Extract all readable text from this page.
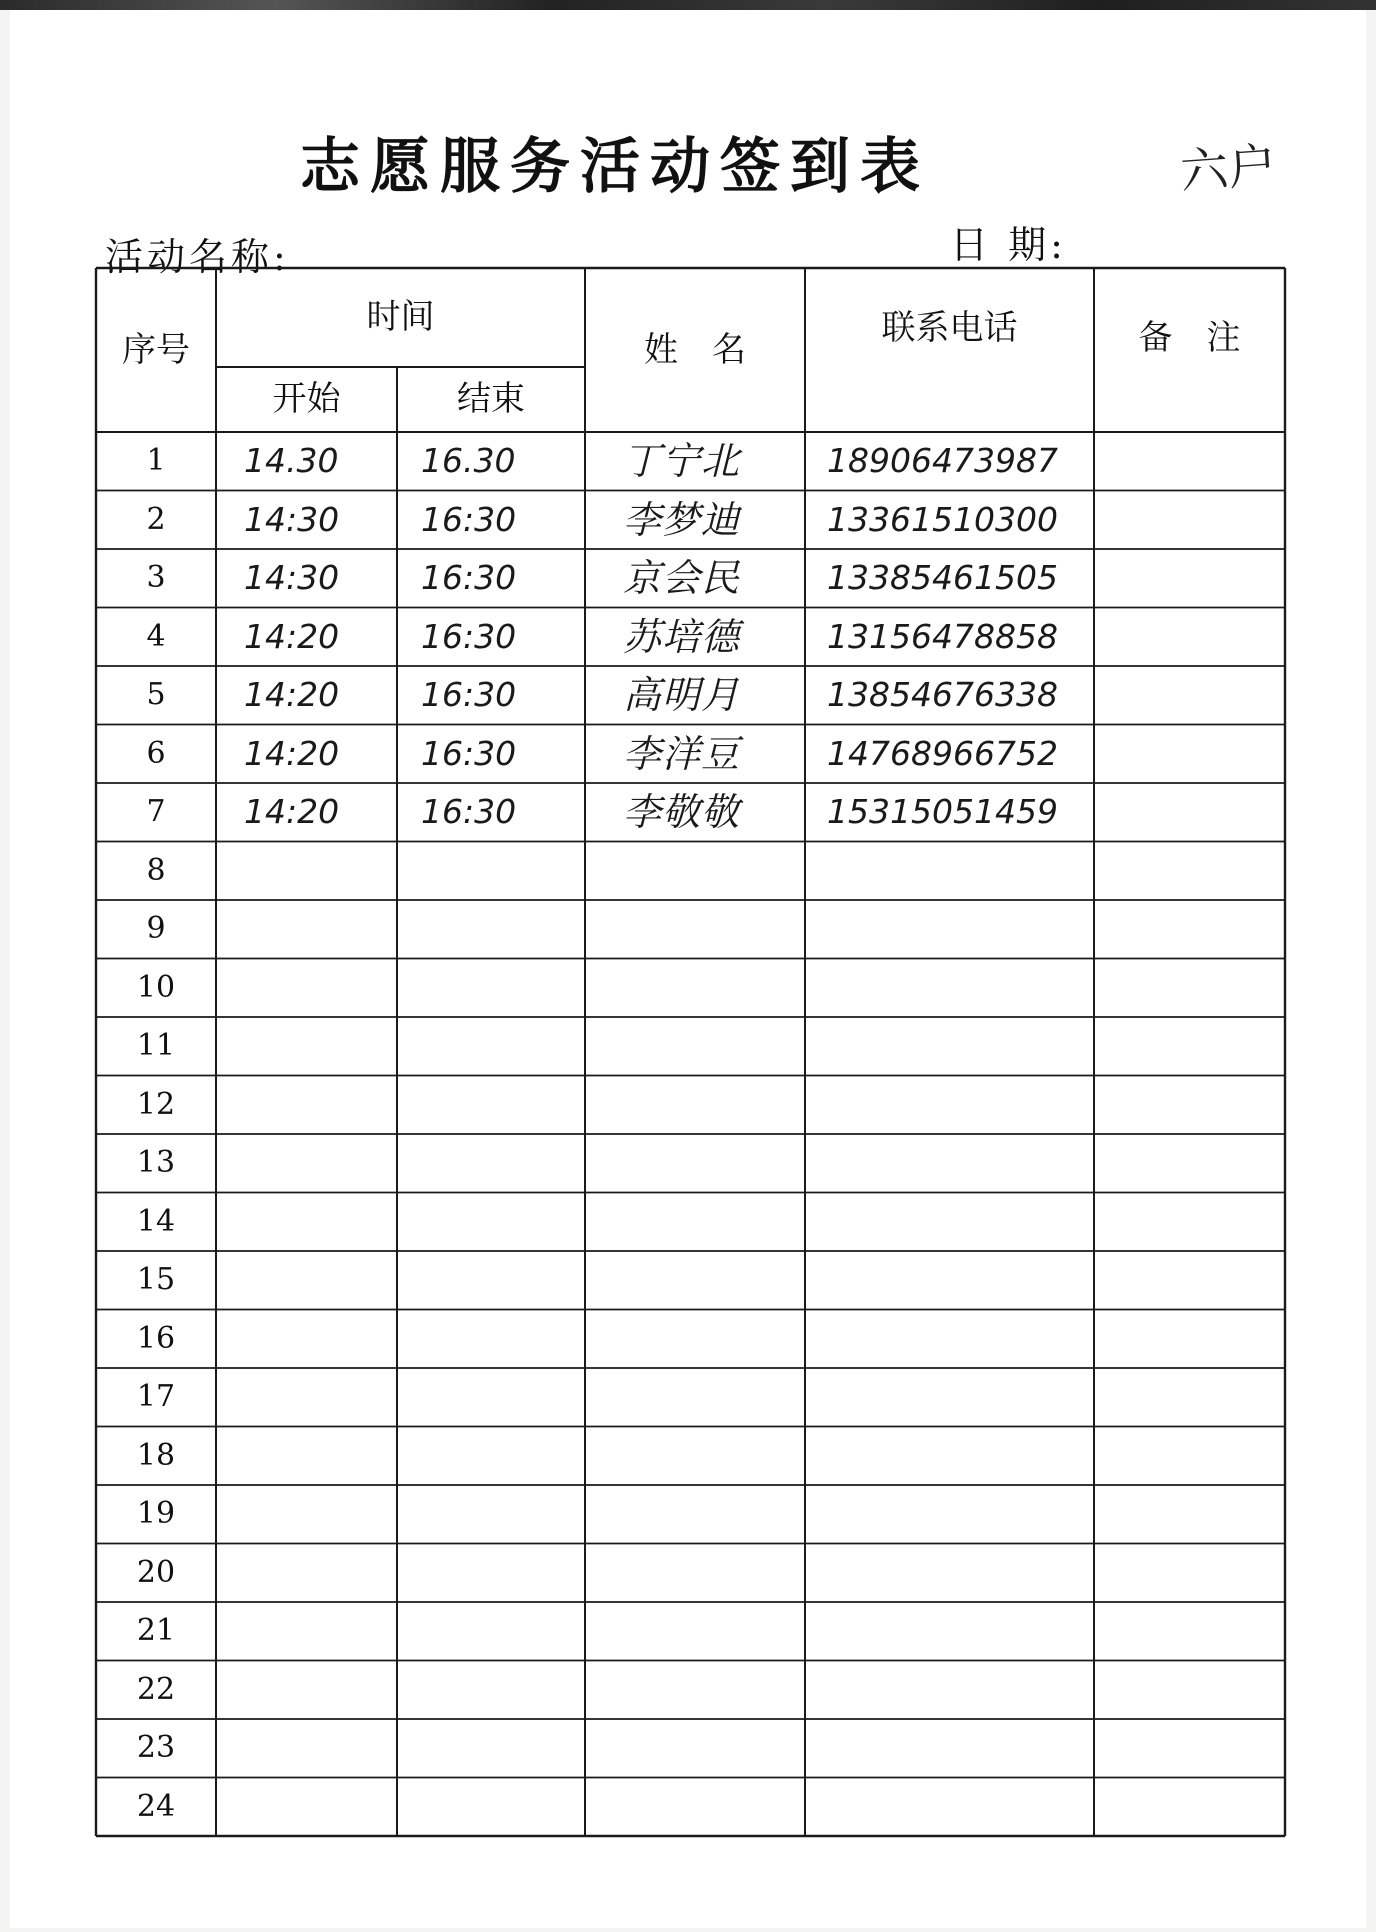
志愿服务活动签到表	六户
活动名称:	日 期:
序号
时间
开始	结束
姓　名
联系电话	备　注
1	14.30	16.30	丁宁北	18906473987
2	14:30	16:30	李梦迪	13361510300
3	14:30	16:30	京会民	13385461505
4	14:20	16:30	苏培德	13156478858
5	14:20	16:30	高明月	13854676338
6	14:20	16:30	李洋豆	14768966752
7	14:20	16:30	李敬敬	15315051459
8
9
10
11
12
13
14
15
16
17
18
19
20
21
22
23
24
